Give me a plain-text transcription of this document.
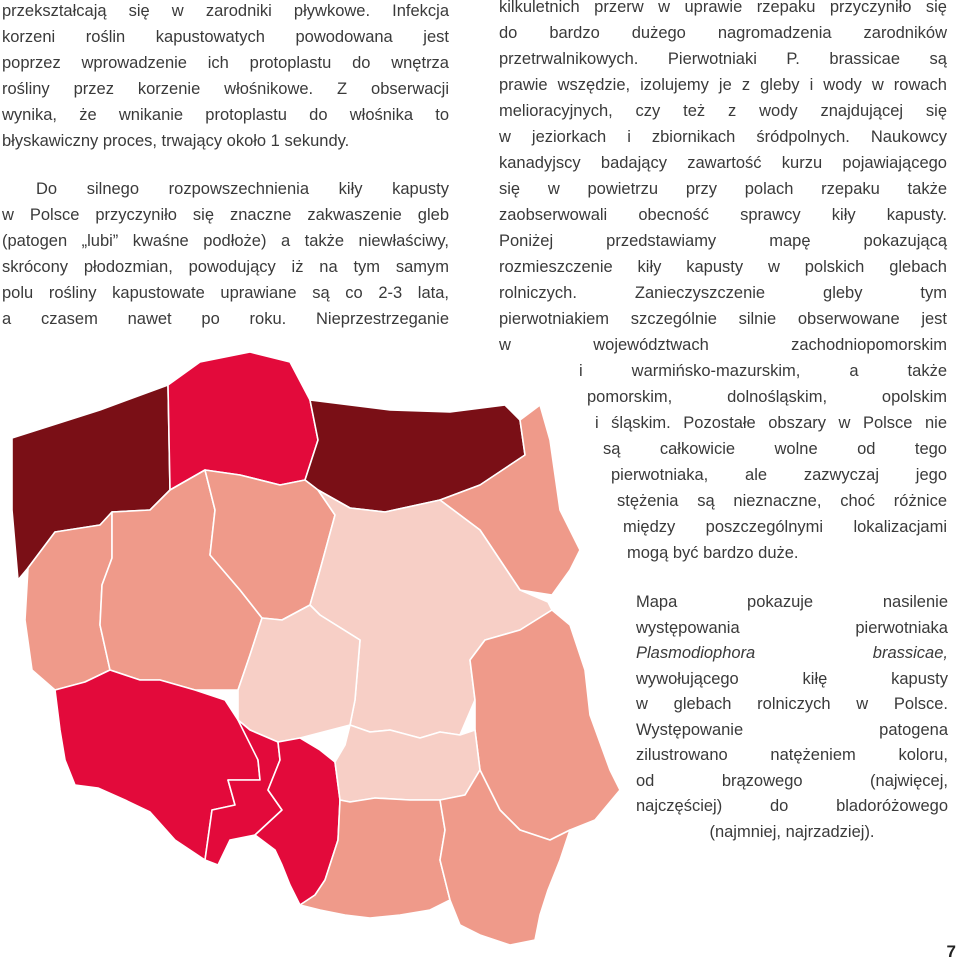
przekształcają się w zarodniki pływkowe. Infekcja
korzeni roślin kapustowatych powodowana jest
poprzez wprowadzenie ich protoplastu do wnętrza
rośliny przez korzenie włośnikowe. Z obserwacji
wynika, że wnikanie protoplastu do włośnika to
błyskawiczny proces, trwający około 1 sekundy.
Do silnego rozpowszechnienia kiły kapusty
w Polsce przyczyniło się znaczne zakwaszenie gleb
(patogen „lubi” kwaśne podłoże) a także niewłaściwy,
skrócony płodozmian, powodujący iż na tym samym
polu rośliny kapustowate uprawiane są co 2-3 lata,
a czasem nawet po roku. Nieprzestrzeganie
kilkuletnich przerw w uprawie rzepaku przyczyniło się
do bardzo dużego nagromadzenia zarodników
przetrwalnikowych. Pierwotniaki P. brassicae są
prawie wszędzie, izolujemy je z gleby i wody w rowach
melioracyjnych, czy też z wody znajdującej się
w jeziorkach i zbiornikach śródpolnych. Naukowcy
kanadyjscy badający zawartość kurzu pojawiającego
się w powietrzu przy polach rzepaku także
zaobserwowali obecność sprawcy kiły kapusty.
Poniżej przedstawiamy mapę pokazującą
rozmieszczenie kiły kapusty w polskich glebach
rolniczych. Zanieczyszczenie gleby tym
pierwotniakiem szczególnie silnie obserwowane jest
w województwach zachodniopomorskim
i warmińsko-mazurskim, a także
pomorskim, dolnośląskim, opolskim
i śląskim. Pozostałe obszary w Polsce nie
są całkowicie wolne od tego
pierwotniaka, ale zazwyczaj jego
stężenia są nieznaczne, choć różnice
między poszczególnymi lokalizacjami
mogą być bardzo duże.
Mapa pokazuje nasilenie
występowania pierwotniaka
Plasmodiophora brassicae,
wywołującego kiłę kapusty
w glebach rolniczych w Polsce.
Występowanie patogena
zilustrowano natężeniem koloru,
od brązowego (najwięcej,
najczęściej) do bladoróżowego
(najmniej, najrzadziej).
7
